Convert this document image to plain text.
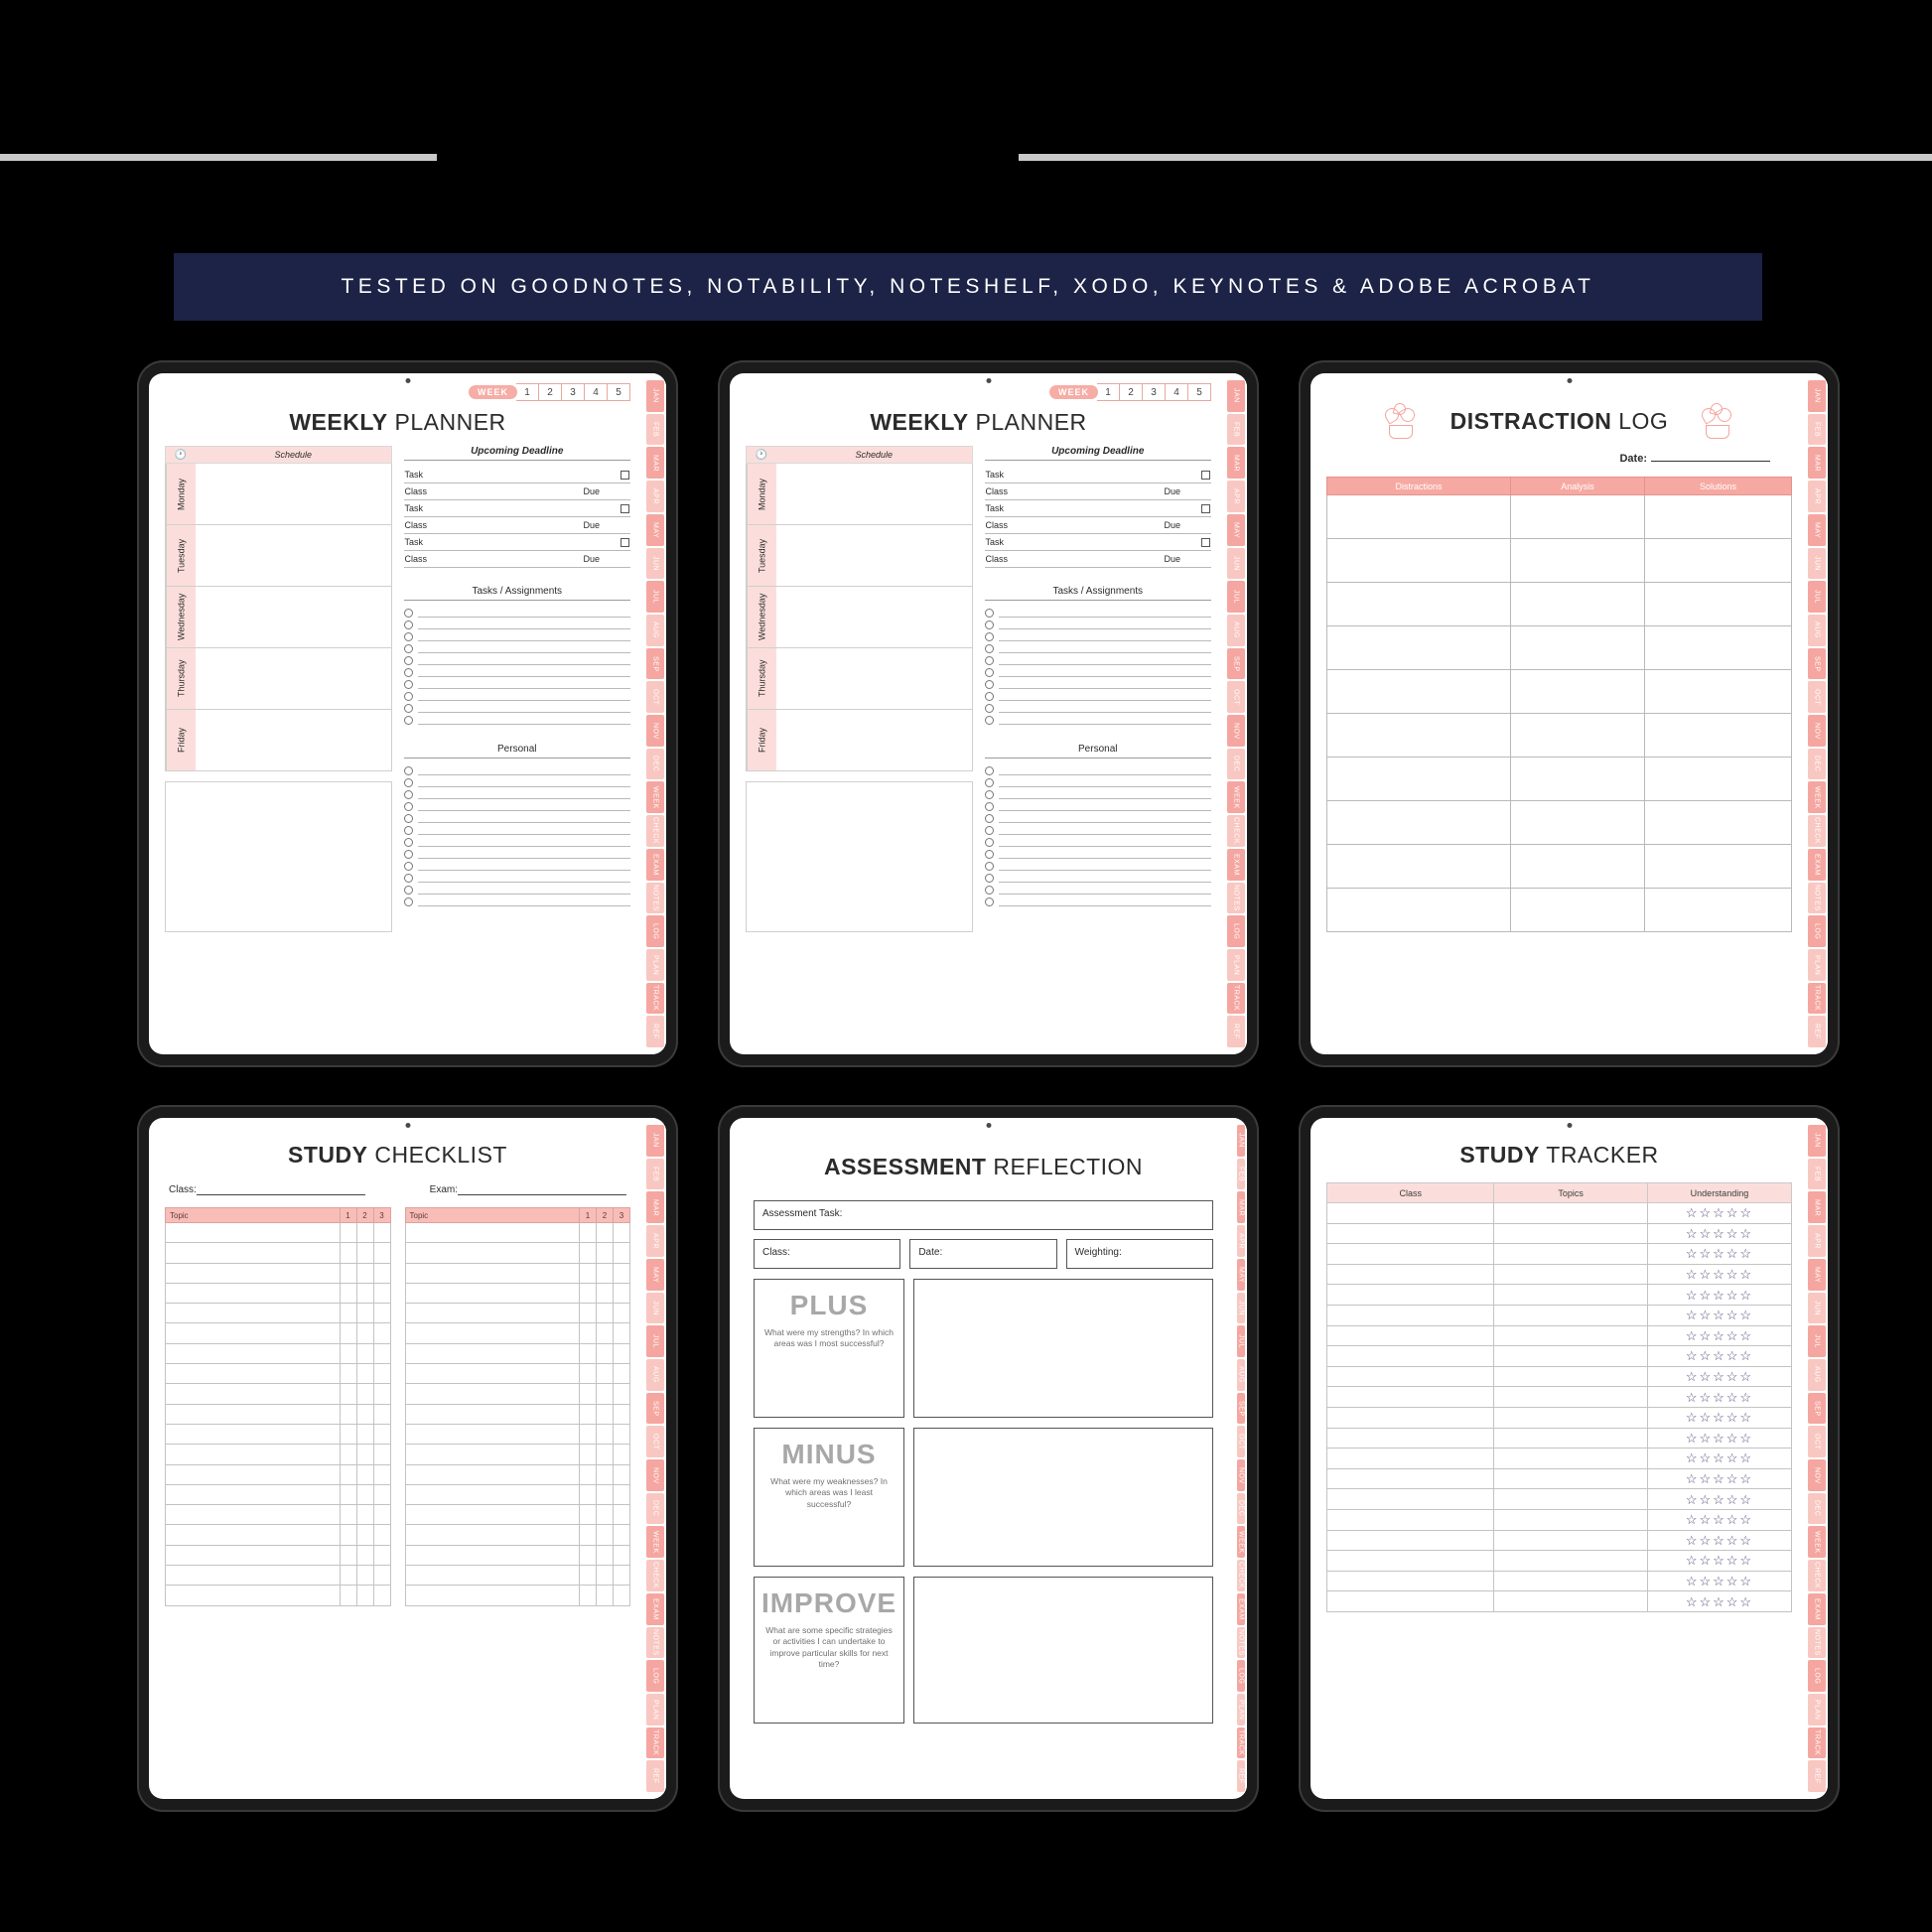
TESTED ON GOODNOTES, NOTABILITY, NOTESHELF, XODO, KEYNOTES & ADOBE ACROBAT
WEEK	1	2	3	4	5
WEEKLY PLANNER
🕐	Schedule
Monday
Tuesday
Wednesday
Thursday
Friday
Upcoming Deadline
Task
Class	Due
Task
Class	Due
Task
Class	Due
Tasks / Assignments
Personal
JAN
FEB
MAR
APR
MAY
JUN
JUL
AUG
SEP
OCT
NOV
DEC
WEEK
CHECK
EXAM
NOTES
LOG
PLAN
TRACK
REF
WEEK	1	2	3	4	5
WEEKLY PLANNER
🕐	Schedule
Monday
Tuesday
Wednesday
Thursday
Friday
Upcoming Deadline
Task
Class	Due
Task
Class	Due
Task
Class	Due
Tasks / Assignments
Personal
JAN
FEB
MAR
APR
MAY
JUN
JUL
AUG
SEP
OCT
NOV
DEC
WEEK
CHECK
EXAM
NOTES
LOG
PLAN
TRACK
REF
DISTRACTION LOG
Date:
Distractions	Analysis	Solutions

JAN
FEB
MAR
APR
MAY
JUN
JUL
AUG
SEP
OCT
NOV
DEC
WEEK
CHECK
EXAM
NOTES
LOG
PLAN
TRACK
REF
STUDY CHECKLIST
Class:	Exam:
Topic	1	2	3

				Topic	1	2	3

JAN
FEB
MAR
APR
MAY
JUN
JUL
AUG
SEP
OCT
NOV
DEC
WEEK
CHECK
EXAM
NOTES
LOG
PLAN
TRACK
REF
ASSESSMENT REFLECTION
Assessment Task:
Class:	Date:	Weighting:
PLUS
What were my strengths? In which areas was I most successful?
MINUS
What were my weaknesses? In which areas was I least successful?
IMPROVE
What are some specific strategies or activities I can undertake to improve particular skills for next time?
JAN
FEB
MAR
APR
MAY
JUN
JUL
AUG
SEP
OCT
NOV
DEC
WEEK
CHECK
EXAM
NOTES
LOG
PLAN
TRACK
REF
STUDY TRACKER
Class	Topics	Understanding
		☆☆☆☆☆
		☆☆☆☆☆
		☆☆☆☆☆
		☆☆☆☆☆
		☆☆☆☆☆
		☆☆☆☆☆
		☆☆☆☆☆
		☆☆☆☆☆
		☆☆☆☆☆
		☆☆☆☆☆
		☆☆☆☆☆
		☆☆☆☆☆
		☆☆☆☆☆
		☆☆☆☆☆
		☆☆☆☆☆
		☆☆☆☆☆
		☆☆☆☆☆
		☆☆☆☆☆
		☆☆☆☆☆
		☆☆☆☆☆
JAN
FEB
MAR
APR
MAY
JUN
JUL
AUG
SEP
OCT
NOV
DEC
WEEK
CHECK
EXAM
NOTES
LOG
PLAN
TRACK
REF
